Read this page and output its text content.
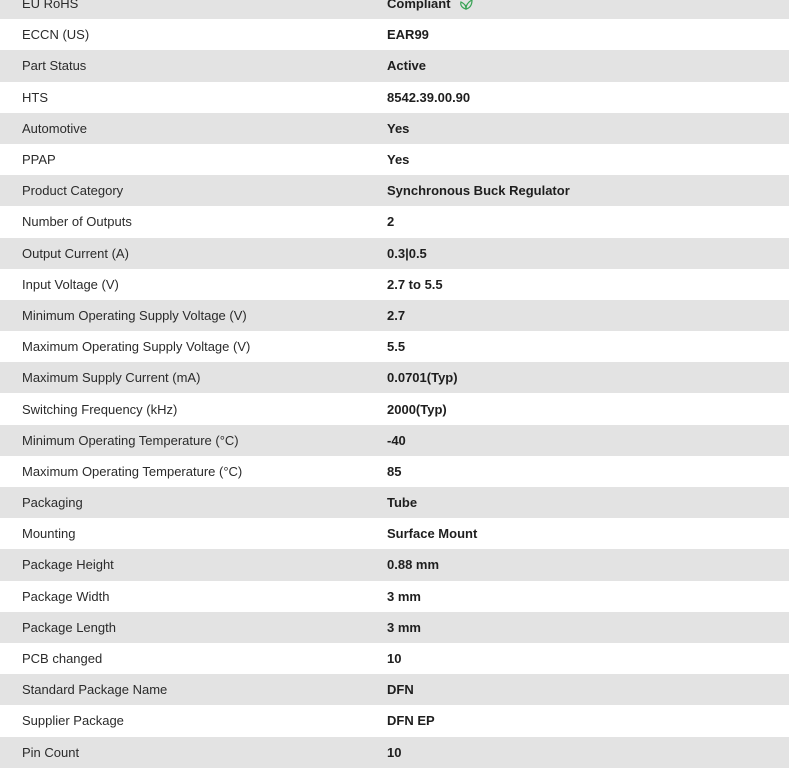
EU RoHS	Compliant
ECCN (US)	EAR99
Part Status	Active
HTS	8542.39.00.90
Automotive	Yes
PPAP	Yes
Product Category	Synchronous Buck Regulator
Number of Outputs	2
Output Current (A)	0.3|0.5
Input Voltage (V)	2.7 to 5.5
Minimum Operating Supply Voltage (V)	2.7
Maximum Operating Supply Voltage (V)	5.5
Maximum Supply Current (mA)	0.0701(Typ)
Switching Frequency (kHz)	2000(Typ)
Minimum Operating Temperature (°C)	-40
Maximum Operating Temperature (°C)	85
Packaging	Tube
Mounting	Surface Mount
Package Height	0.88 mm
Package Width	3 mm
Package Length	3 mm
PCB changed	10
Standard Package Name	DFN
Supplier Package	DFN EP
Pin Count	10
